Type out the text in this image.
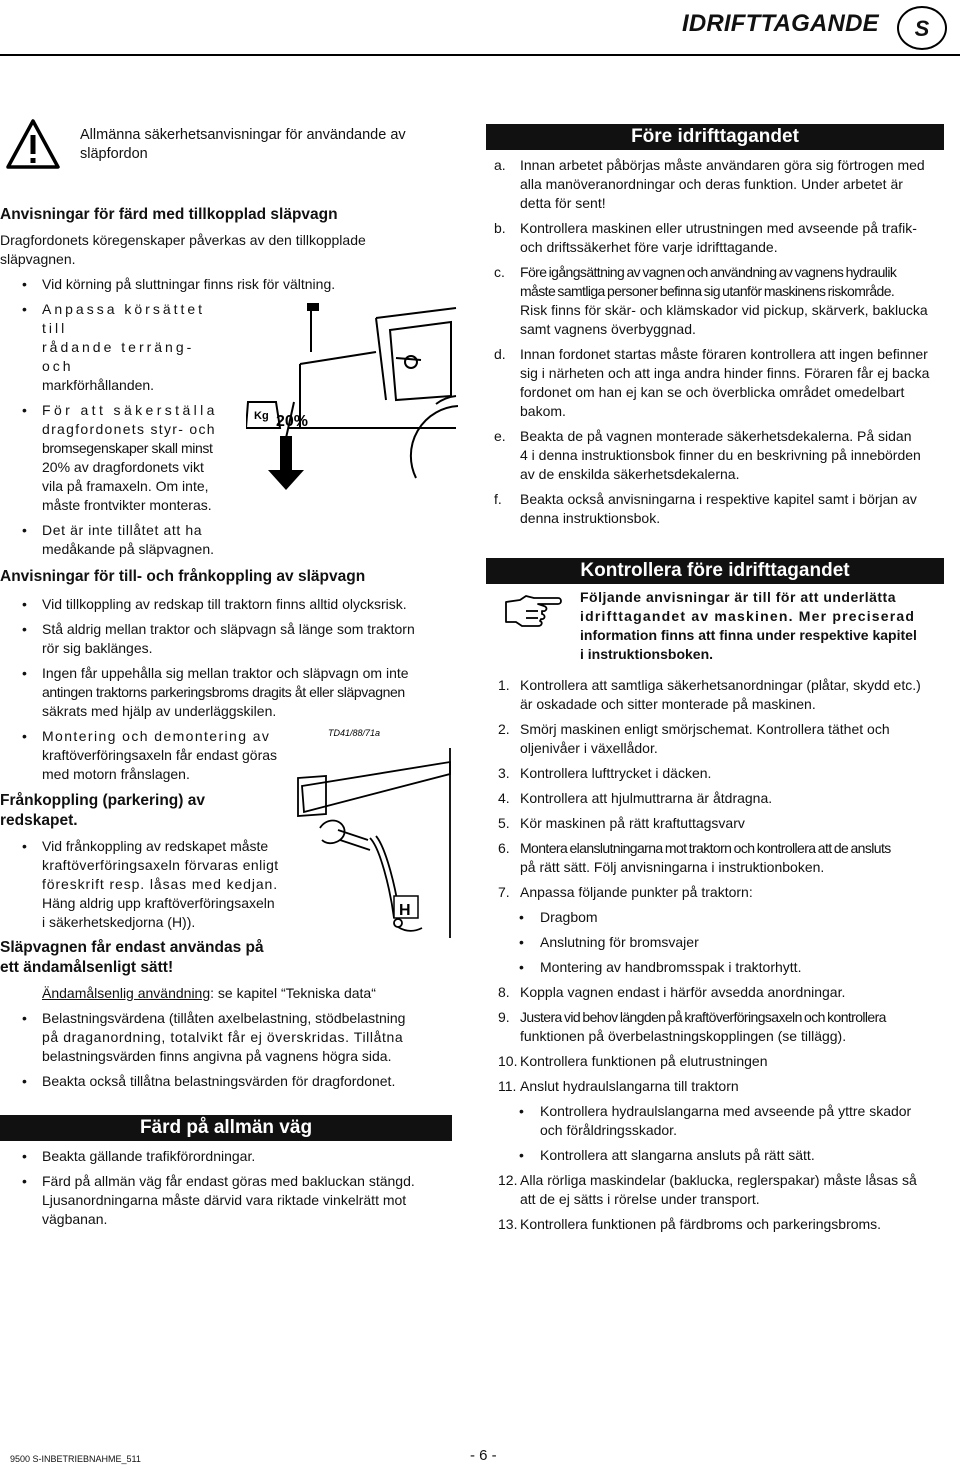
IDRIFTTAGANDE	S

Allmänna säkerhetsanvisningar för användande av

släpfordon

Anvisningar för färd med tillkopplad släpvagn

Dragfordonets köregenskaper påverkas av den tillkopplade

släpvagnen.

• Vid körning på sluttningar finns risk för vältning.

• Anpassa körsättet till

rådande terräng- och

markförhållanden.

• För att säkerställa

dragfordonets styr- och

bromsegenskaper skall minst

20% av dragfordonets vikt

vila på framaxeln. Om inte,

måste frontvikter monteras.

• Det är inte tillåtet att ha

medåkande på släpvagnen.

Anvisningar för till- och frånkoppling av släpvagn

• Vid tillkoppling av redskap till traktorn finns alltid olycksrisk.

• Stå aldrig mellan traktor och släpvagn så länge som traktorn

rör sig baklänges.

• Ingen får uppehålla sig mellan traktor och släpvagn om inte

antingen traktorns parkeringsbroms dragits åt eller släpvagnen

säkrats med hjälp av underläggskilen.

• Montering och demontering av

kraftöverföringsaxeln får endast göras

med motorn frånslagen.

Kg 20%
TD41/88/71a
H
Frånkoppling (parkering) av
redskapet.

• Vid frånkoppling av redskapet måste

kraftöverföringsaxeln förvaras enligt

föreskrift resp. låsas med kedjan.

Häng aldrig upp kraftöverföringsaxeln

i säkerhetskedjorna (H)).

Släpvagnen får endast användas på
ett ändamålsenligt sätt!

Ändamålsenlig användning: se kapitel “Tekniska data“

• Belastningsvärdena (tillåten axelbelastning, stödbelastning

på draganordning, totalvikt får ej överskridas. Tillåtna

belastningsvärden finns angivna på vagnens högra sida.

• Beakta också tillåtna belastningsvärden för dragfordonet.

Färd på allmän väg

• Beakta gällande trafikförordningar.

• Färd på allmän väg får endast göras med bakluckan stängd.

Ljusanordningarna måste därvid vara riktade vinkelrätt mot

vägbanan.

Före idrifttagandet
a. Innan arbetet påbörjas måste användaren göra sig förtrogen med

alla manöveranordningar och deras funktion. Under arbetet är

detta för sent!

b. Kontrollera maskinen eller utrustningen med avseende på trafik-

och driftssäkerhet före varje idrifttagande.

c. Före igångsättning av vagnen och användning av vagnens hydraulik

måste samtliga personer befinna sig utanför maskinens riskområde.

Risk finns för skär- och klämskador vid pickup, skärverk, baklucka

samt vagnens överbyggnad.

d. Innan fordonet startas måste föraren kontrollera att ingen befinner

sig i närheten och att inga andra hinder finns. Föraren får ej backa

fordonet om han ej kan se och överblicka området omedelbart

bakom.

e. Beakta de på vagnen monterade säkerhetsdekalerna. På sidan

4 i denna instruktionsbok finner du en beskrivning på innebörden

av de enskilda säkerhetsdekalerna.

f. Beakta också anvisningarna i respektive kapitel samt i början av

denna instruktionsbok.

Kontrollera före idrifttagandet

Följande anvisningar är till för att underlätta

idrifttagandet av maskinen. Mer preciserad

information finns att finna under respektive kapitel

i instruktionsboken.

1. Kontrollera att samtliga säkerhetsanordningar (plåtar, skydd etc.)

är oskadade och sitter monterade på maskinen.

2. Smörj maskinen enligt smörjschemat. Kontrollera täthet och

oljenivåer i växellådor.

3. Kontrollera lufttrycket i däcken.

4. Kontrollera att hjulmuttrarna är åtdragna.

5. Kör maskinen på rätt kraftuttagsvarv

6. Montera elanslutningarna mot traktorn och kontrollera att de ansluts

på rätt sätt. Följ anvisningarna i instruktionboken.

7. Anpassa följande punkter på traktorn:

• Dragbom

• Anslutning för bromsvajer

• Montering av handbromsspak i traktorhytt.

8. Koppla vagnen endast i härför avsedda anordningar.

9. Justera vid behov längden på kraftöverföringsaxeln och kontrollera

funktionen på överbelastningskopplingen (se tillägg).

10. Kontrollera funktionen på elutrustningen

11. Anslut hydraulslangarna till traktorn

• Kontrollera hydraulslangarna med avseende på yttre skador

och föråldringsskador.

• Kontrollera att slangarna ansluts på rätt sätt.

12. Alla rörliga maskindelar (baklucka, reglerspakar) måste låsas så

att de ej sätts i rörelse under transport.

13. Kontrollera funktionen på färdbroms och parkeringsbroms.

9500 S-INBETRIEBNAHME_511	- 6 -
